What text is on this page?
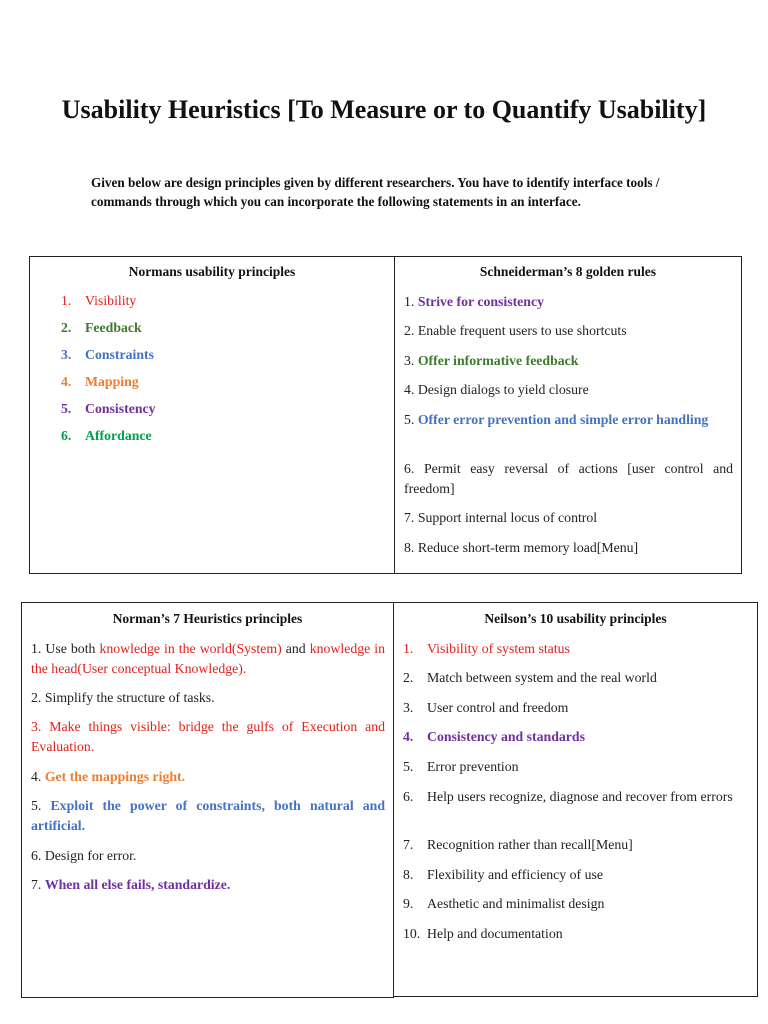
Usability Heuristics [To Measure or to Quantify Usability]
Given below are design principles given by different researchers. You have to identify interface tools / commands through which you can incorporate the following statements in an interface.
Normans usability principles
1. Visibility
2. Feedback
3. Constraints
4. Mapping
5. Consistency
6. Affordance
Schneiderman’s 8 golden rules
1. Strive for consistency
2. Enable frequent users to use shortcuts
3. Offer informative feedback
4. Design dialogs to yield closure
5. Offer error prevention and simple error handling
6. Permit easy reversal of actions [user control and freedom]
7. Support internal locus of control
8. Reduce short-term memory load[Menu]
Norman’s 7 Heuristics principles
1. Use both knowledge in the world(System) and knowledge in the head(User conceptual Knowledge).
2. Simplify the structure of tasks.
3. Make things visible: bridge the gulfs of Execution and Evaluation.
4. Get the mappings right.
5. Exploit the power of constraints, both natural and artificial.
6. Design for error.
7. When all else fails, standardize.
Neilson’s 10 usability principles
1. Visibility of system status
2. Match between system and the real world
3. User control and freedom
4. Consistency and standards
5. Error prevention
6. Help users recognize, diagnose and recover from errors
7. Recognition rather than recall[Menu]
8. Flexibility and efficiency of use
9. Aesthetic and minimalist design
10. Help and documentation
